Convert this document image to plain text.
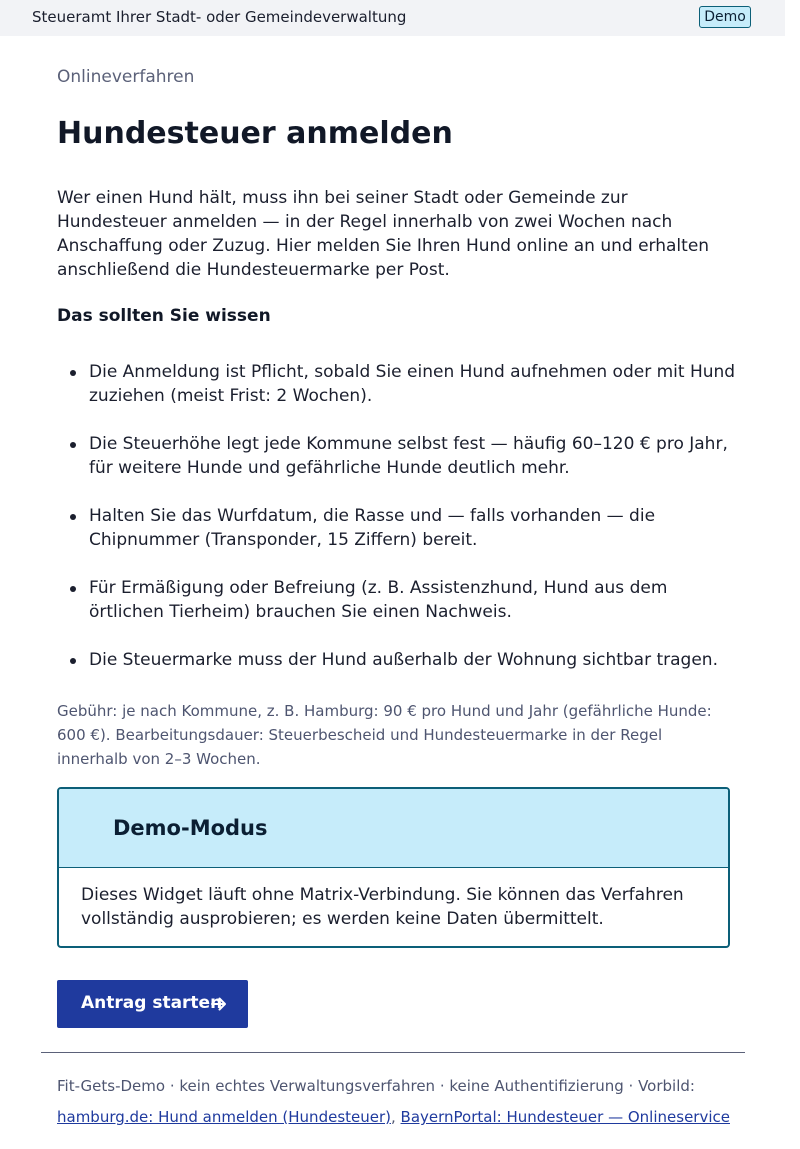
Steueramt Ihrer Stadt- oder Gemeindeverwaltung	Demo
Onlineverfahren
Hundesteuer anmelden

Wer einen Hund hält, muss ihn bei seiner Stadt oder Gemeinde zur Hundesteuer anmelden — in der Regel innerhalb von zwei Wochen nach Anschaffung oder Zuzug. Hier melden Sie Ihren Hund online an und erhalten anschließend die Hundesteuermarke per Post.

Das sollten Sie wissen
Die Anmeldung ist Pflicht, sobald Sie einen Hund aufnehmen oder mit Hund zuziehen (meist Frist: 2 Wochen).
Die Steuerhöhe legt jede Kommune selbst fest — häufig 60–120 € pro Jahr, für weitere Hunde und gefährliche Hunde deutlich mehr.
Halten Sie das Wurfdatum, die Rasse und — falls vorhanden — die Chipnummer (Transponder, 15 Ziffern) bereit.
Für Ermäßigung oder Befreiung (z. B. Assistenzhund, Hund aus dem örtlichen Tierheim) brauchen Sie einen Nachweis.
Die Steuermarke muss der Hund außerhalb der Wohnung sichtbar tragen.

Gebühr: je nach Kommune, z. B. Hamburg: 90 € pro Hund und Jahr (gefährliche Hunde: 600 €). Bearbeitungsdauer: Steuerbescheid und Hundesteuermarke in der Regel innerhalb von 2–3 Wochen.

Demo-Modus

Dieses Widget läuft ohne Matrix-Verbindung. Sie können das Verfahren vollständig ausprobieren; es werden keine Daten übermittelt.

Antrag starten
Fit-Gets-Demo · kein echtes Verwaltungsverfahren · keine Authentifizierung · Vorbild:
hamburg.de: Hund anmelden (Hundesteuer), BayernPortal: Hundesteuer — Onlineservice
